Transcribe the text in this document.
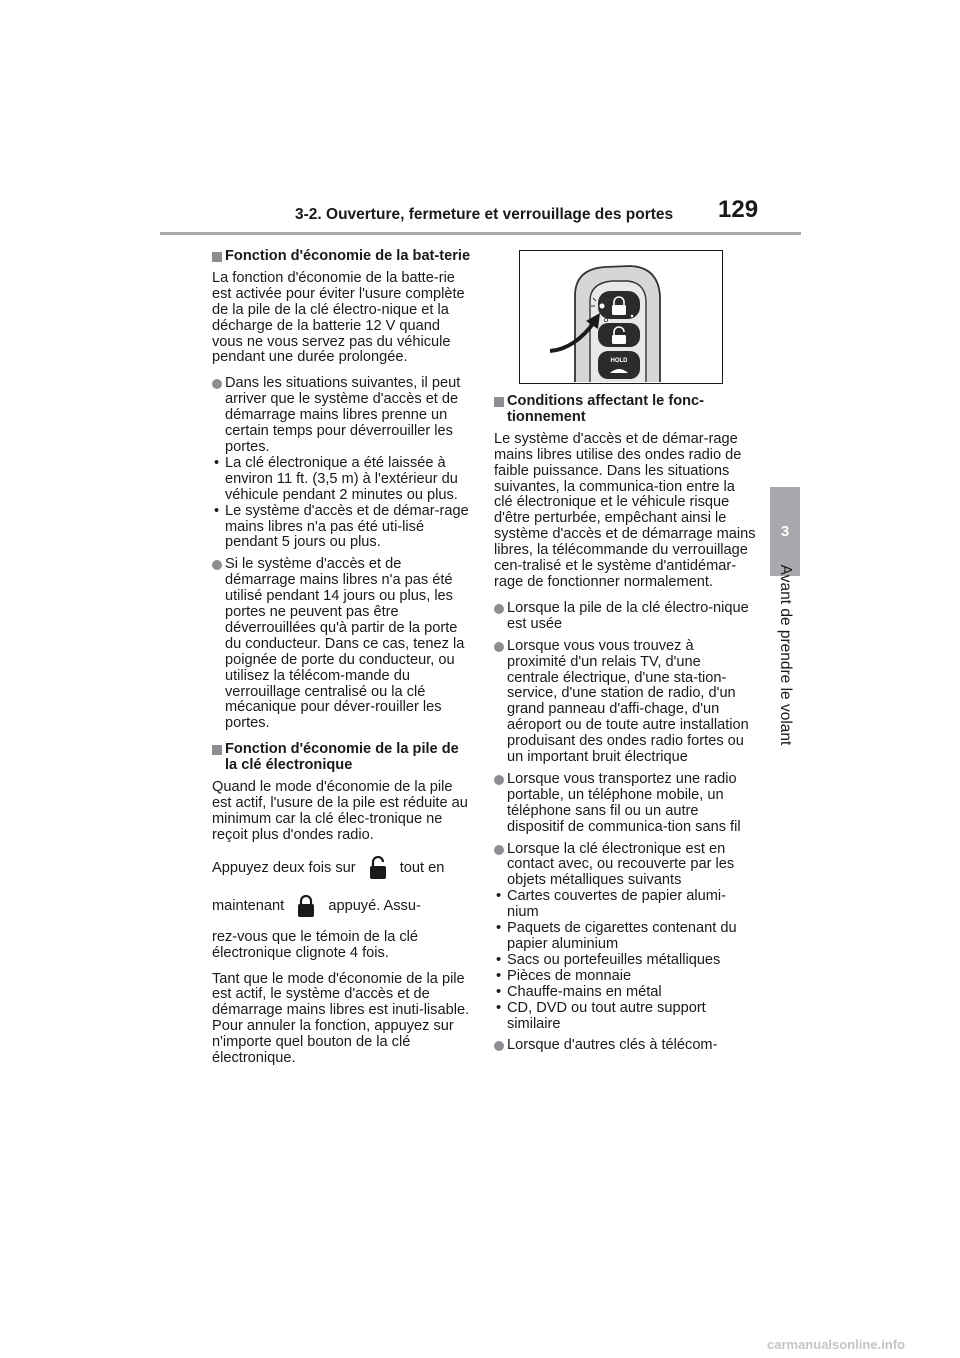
3-2. Ouverture, fermeture et verrouillage des portes 129
3
Avant de prendre le volant
Fonction d'économie de la bat-terie

La fonction d'économie de la batte-rie est activée pour éviter l'usure complète de la pile de la clé électro-nique et la décharge de la batterie 12 V quand vous ne vous servez pas du véhicule pendant une durée prolongée.

Dans les situations suivantes, il peut arriver que le système d'accès et de démarrage mains libres prenne un certain temps pour déverrouiller les portes.
• La clé électronique a été laissée à environ 11 ft. (3,5 m) à l'extérieur du véhicule pendant 2 minutes ou plus.
• Le système d'accès et de démar-rage mains libres n'a pas été uti-lisé pendant 5 jours ou plus.
Si le système d'accès et de démarrage mains libres n'a pas été utilisé pendant 14 jours ou plus, les portes ne peuvent pas être déverrouillées qu'à partir de la porte du conducteur. Dans ce cas, tenez la poignée de porte du conducteur, ou utilisez la télécom-mande du verrouillage centralisé ou la clé mécanique pour déver-rouiller les portes.
Fonction d'économie de la pile de la clé électronique

Quand le mode d'économie de la pile est actif, l'usure de la pile est réduite au minimum car la clé élec-tronique ne reçoit plus d'ondes radio.

Appuyez deux fois sur	tout en

maintenant	appuyé. Assu-

rez-vous que le témoin de la clé électronique clignote 4 fois.

Tant que le mode d'économie de la pile est actif, le système d'accès et de démarrage mains libres est inuti-lisable. Pour annuler la fonction, appuyez sur n'importe quel bouton de la clé électronique.

HOLD
Conditions affectant le fonc-tionnement

Le système d'accès et de démar-rage mains libres utilise des ondes radio de faible puissance. Dans les situations suivantes, la communica-tion entre la clé électronique et le véhicule risque d'être perturbée, empêchant ainsi le système d'accès et de démarrage mains libres, la télécommande du verrouillage cen-tralisé et le système d'antidémar-rage de fonctionner normalement.

Lorsque la pile de la clé électro-nique est usée
Lorsque vous vous trouvez à proximité d'un relais TV, d'une centrale électrique, d'une sta-tion-service, d'une station de radio, d'un grand panneau d'affi-chage, d'un aéroport ou de toute autre installation produisant des ondes radio fortes ou un important bruit électrique
Lorsque vous transportez une radio portable, un téléphone mobile, un téléphone sans fil ou un autre dispositif de communica-tion sans fil
Lorsque la clé électronique est en contact avec, ou recouverte par les objets métalliques suivants
• Cartes couvertes de papier alumi-nium
• Paquets de cigarettes contenant du papier aluminium
• Sacs ou portefeuilles métalliques
• Pièces de monnaie
• Chauffe-mains en métal
• CD, DVD ou tout autre support similaire
Lorsque d'autres clés à télécom-
carmanualsonline.info
